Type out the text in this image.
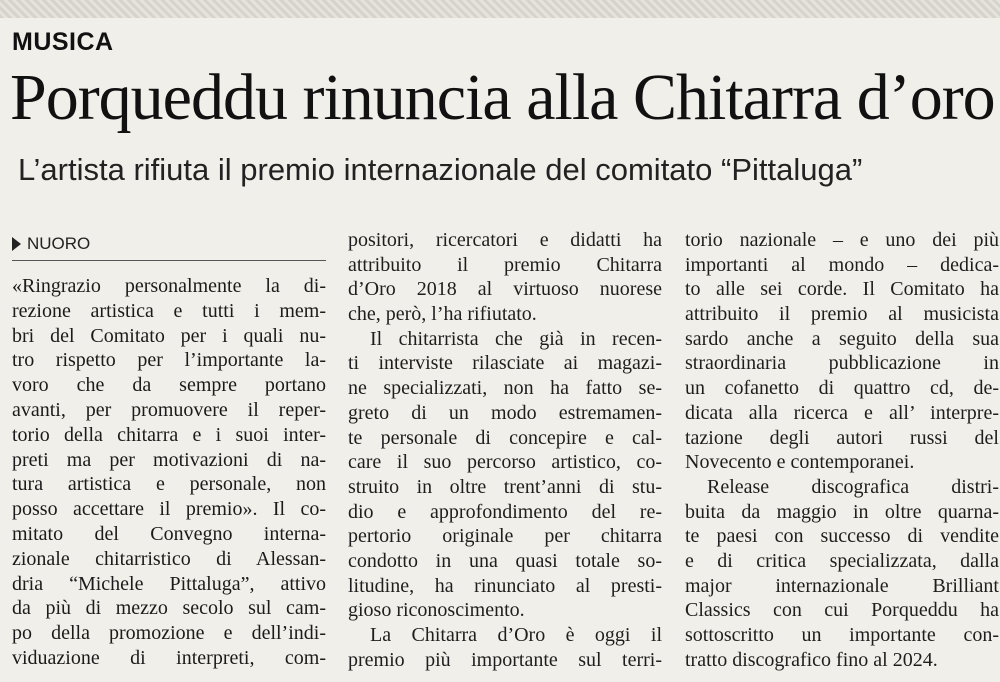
MUSICA
Porqueddu rinuncia alla Chitarra d’oro
L’artista rifiuta il premio internazionale del comitato “Pittaluga”
NUORO
«Ringrazio personalmente la di-
rezione artistica e tutti i mem-
bri del Comitato per i quali nu-
tro rispetto per l’importante la-
voro che da sempre portano
avanti, per promuovere il reper-
torio della chitarra e i suoi inter-
preti ma per motivazioni di na-
tura artistica e personale, non
posso accettare il premio». Il co-
mitato del Convegno interna-
zionale chitarristico di Alessan-
dria “Michele Pittaluga”, attivo
da più di mezzo secolo sul cam-
po della promozione e dell’indi-
viduazione di interpreti, com-
positori, ricercatori e didatti ha
attribuito il premio Chitarra
d’Oro 2018 al virtuoso nuorese
che, però, l’ha rifiutato.
Il chitarrista che già in recen-
ti interviste rilasciate ai magazi-
ne specializzati, non ha fatto se-
greto di un modo estremamen-
te personale di concepire e cal-
care il suo percorso artistico, co-
struito in oltre trent’anni di stu-
dio e approfondimento del re-
pertorio originale per chitarra
condotto in una quasi totale so-
litudine, ha rinunciato al presti-
gioso riconoscimento.
La Chitarra d’Oro è oggi il
premio più importante sul terri-
torio nazionale – e uno dei più
importanti al mondo – dedica-
to alle sei corde. Il Comitato ha
attribuito il premio al musicista
sardo anche a seguito della sua
straordinaria pubblicazione in
un cofanetto di quattro cd, de-
dicata alla ricerca e all’ interpre-
tazione degli autori russi del
Novecento e contemporanei.
Release discografica distri-
buita da maggio in oltre quarna-
te paesi con successo di vendite
e di critica specializzata, dalla
major internazionale Brilliant
Classics con cui Porqueddu ha
sottoscritto un importante con-
tratto discografico fino al 2024.
